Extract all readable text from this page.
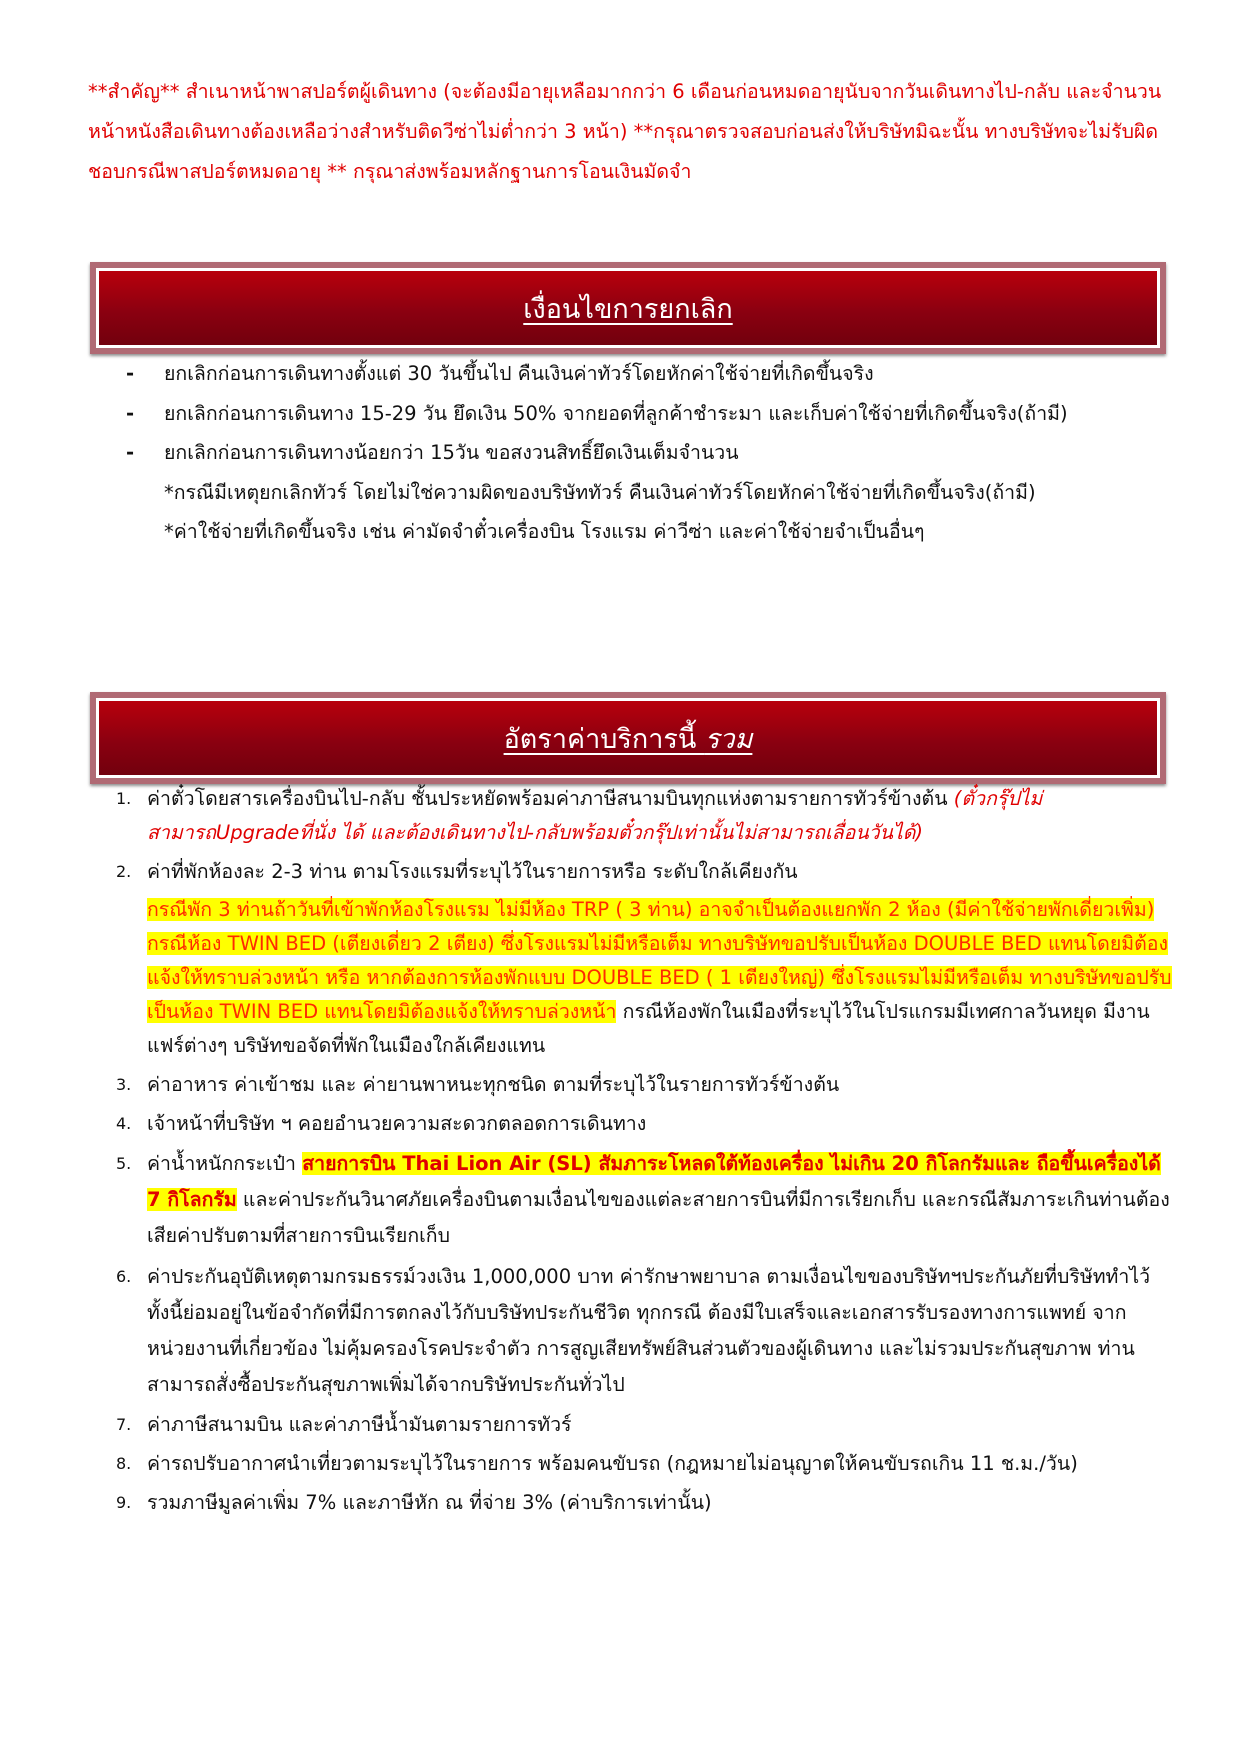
**สำคัญ** สำเนาหน้าพาสปอร์ตผู้เดินทาง (จะต้องมีอายุเหลือมากกว่า 6 เดือนก่อนหมดอายุนับจากวันเดินทางไป-กลับ และจำนวนหน้าหนังสือเดินทางต้องเหลือว่างสำหรับติดวีซ่าไม่ต่ำกว่า 3 หน้า) **กรุณาตรวจสอบก่อนส่งให้บริษัทมิฉะนั้น ทางบริษัทจะไม่รับผิดชอบกรณีพาสปอร์ตหมดอายุ ** กรุณาส่งพร้อมหลักฐานการโอนเงินมัดจำ
เงื่อนไขการยกเลิก
-	ยกเลิกก่อนการเดินทางตั้งแต่ 30 วันขึ้นไป คืนเงินค่าทัวร์โดยหักค่าใช้จ่ายที่เกิดขึ้นจริง
-	ยกเลิกก่อนการเดินทาง 15-29 วัน ยึดเงิน 50% จากยอดที่ลูกค้าชำระมา และเก็บค่าใช้จ่ายที่เกิดขึ้นจริง(ถ้ามี)
-	ยกเลิกก่อนการเดินทางน้อยกว่า 15วัน ขอสงวนสิทธิ์ยึดเงินเต็มจำนวน
*กรณีมีเหตุยกเลิกทัวร์ โดยไม่ใช่ความผิดของบริษัททัวร์ คืนเงินค่าทัวร์โดยหักค่าใช้จ่ายที่เกิดขึ้นจริง(ถ้ามี)
*ค่าใช้จ่ายที่เกิดขึ้นจริง เช่น ค่ามัดจำตั๋วเครื่องบิน โรงแรม ค่าวีซ่า และค่าใช้จ่ายจำเป็นอื่นๆ
อัตราค่าบริการนี้ รวม
1. ค่าตั๋วโดยสารเครื่องบินไป-กลับ ชั้นประหยัดพร้อมค่าภาษีสนามบินทุกแห่งตามรายการทัวร์ข้างต้น (ตั๋วกรุ๊ปไม่สามารถUpgradeที่นั่ง ได้ และต้องเดินทางไป-กลับพร้อมตั๋วกรุ๊ปเท่านั้นไม่สามารถเลื่อนวันได้)
2. ค่าที่พักห้องละ 2-3 ท่าน ตามโรงแรมที่ระบุไว้ในรายการหรือ ระดับใกล้เคียงกัน
กรณีพัก 3 ท่านถ้าวันที่เข้าพักห้องโรงแรม ไม่มีห้อง TRP ( 3 ท่าน) อาจจำเป็นต้องแยกพัก 2 ห้อง (มีค่าใช้จ่ายพักเดี่ยวเพิ่ม) กรณีห้อง TWIN BED (เตียงเดี่ยว 2 เตียง) ซึ่งโรงแรมไม่มีหรือเต็ม ทางบริษัทขอปรับเป็นห้อง DOUBLE BED แทนโดยมิต้องแจ้งให้ทราบล่วงหน้า หรือ หากต้องการห้องพักแบบ DOUBLE BED ( 1 เตียงใหญ่) ซึ่งโรงแรมไม่มีหรือเต็ม ทางบริษัทขอปรับเป็นห้อง TWIN BED แทนโดยมิต้องแจ้งให้ทราบล่วงหน้า กรณีห้องพักในเมืองที่ระบุไว้ในโปรแกรมมีเทศกาลวันหยุด มีงานแฟร์ต่างๆ บริษัทขอจัดที่พักในเมืองใกล้เคียงแทน
3. ค่าอาหาร ค่าเข้าชม และ ค่ายานพาหนะทุกชนิด ตามที่ระบุไว้ในรายการทัวร์ข้างต้น
4. เจ้าหน้าที่บริษัท ฯ คอยอำนวยความสะดวกตลอดการเดินทาง
5. ค่าน้ำหนักกระเป๋า สายการบิน Thai Lion Air (SL) สัมภาระโหลดใต้ท้องเครื่อง ไม่เกิน 20 กิโลกรัมและ ถือขึ้นเครื่องได้ 7 กิโลกรัม และค่าประกันวินาศภัยเครื่องบินตามเงื่อนไขของแต่ละสายการบินที่มีการเรียกเก็บ และกรณีสัมภาระเกินท่านต้องเสียค่าปรับตามที่สายการบินเรียกเก็บ
6. ค่าประกันอุบัติเหตุตามกรมธรรม์วงเงิน 1,000,000 บาท ค่ารักษาพยาบาล ตามเงื่อนไขของบริษัทฯประกันภัยที่บริษัททำไว้ ทั้งนี้ย่อมอยู่ในข้อจำกัดที่มีการตกลงไว้กับบริษัทประกันชีวิต ทุกกรณี ต้องมีใบเสร็จและเอกสารรับรองทางการแพทย์ จากหน่วยงานที่เกี่ยวข้อง ไม่คุ้มครองโรคประจำตัว การสูญเสียทรัพย์สินส่วนตัวของผู้เดินทาง และไม่รวมประกันสุขภาพ ท่านสามารถสั่งซื้อประกันสุขภาพเพิ่มได้จากบริษัทประกันทั่วไป
7. ค่าภาษีสนามบิน และค่าภาษีน้ำมันตามรายการทัวร์
8. ค่ารถปรับอากาศนำเที่ยวตามระบุไว้ในรายการ พร้อมคนขับรถ (กฎหมายไม่อนุญาตให้คนขับรถเกิน 11 ช.ม./วัน)
9. รวมภาษีมูลค่าเพิ่ม 7% และภาษีหัก ณ ที่จ่าย 3% (ค่าบริการเท่านั้น)
